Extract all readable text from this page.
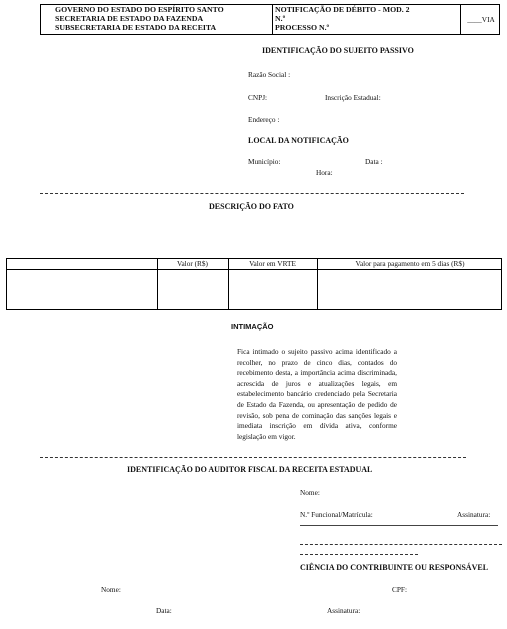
GOVERNO DO ESTADO DO ESPÍRITO SANTO
SECRETARIA DE ESTADO DA FAZENDA
SUBSECRETARIA DE ESTADO DA RECEITA
NOTIFICAÇÃO DE DÉBITO - MOD. 2
N.º
PROCESSO N.º
____VIA
IDENTIFICAÇÃO DO SUJEITO PASSIVO
Razão Social :
CNPJ:	Inscrição Estadual:
Endereço :
LOCAL DA NOTIFICAÇÃO
Município:	Data :
Hora:
DESCRIÇÃO DO FATO
Valor (R$)	Valor em VRTE	Valor para pagamento em 5 dias (R$)
INTIMAÇÃO
Fica intimado o sujeito passivo acima identificado a recolher, no prazo de cinco dias, contados do recebimento desta, a importância acima discriminada, acrescida de juros e atualizações legais, em estabelecimento bancário credenciado pela Secretaria de Estado da Fazenda, ou apresentação de pedido de revisão, sob pena de cominação das sanções legais e imediata inscrição em dívida ativa, conforme legislação em vigor.
IDENTIFICAÇÃO DO AUDITOR FISCAL DA RECEITA ESTADUAL
Nome:
N.º Funcional/Matrícula:	Assinatura:
CIÊNCIA DO CONTRIBUINTE OU RESPONSÁVEL
Nome:	CPF:
Data:	Assinatura:
